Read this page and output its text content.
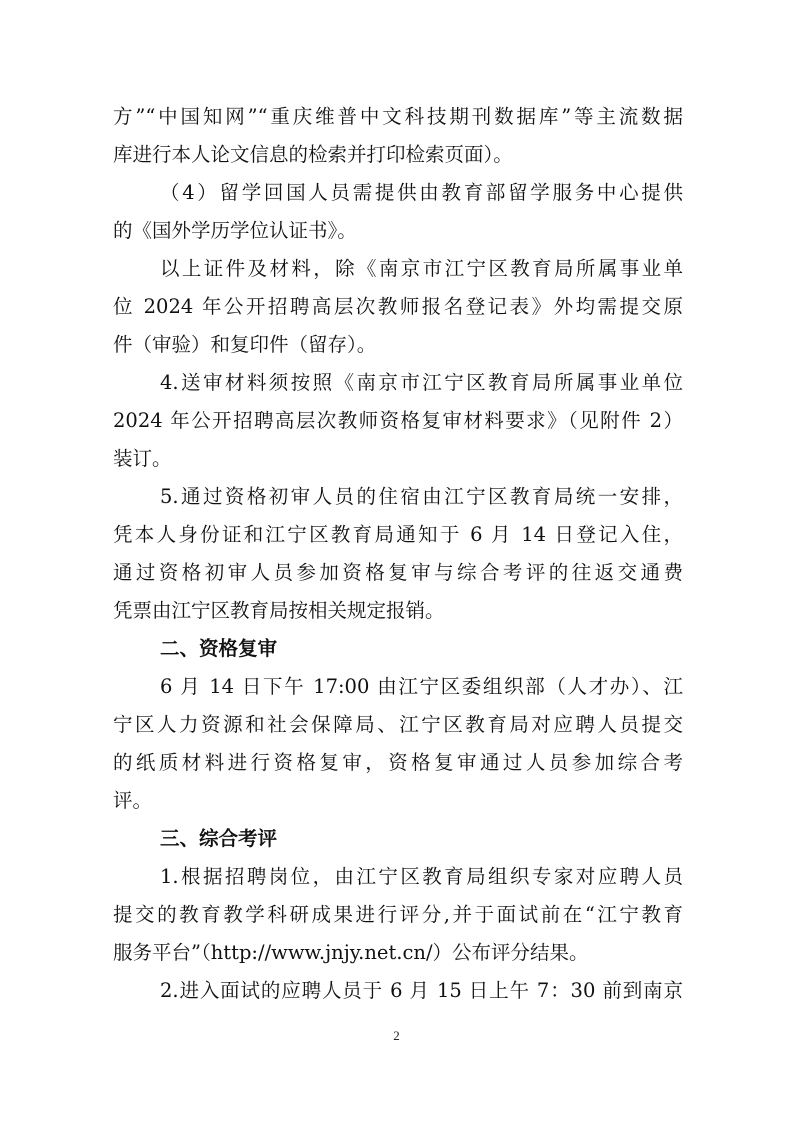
方”“中国知网”“重庆维普中文科技期刊数据库”等主流数据
库进行本人论文信息的检索并打印检索页面）。
（4）留学回国人员需提供由教育部留学服务中心提供
的《国外学历学位认证书》。
以上证件及材料，除《南京市江宁区教育局所属事业单
位 2024 年公开招聘高层次教师报名登记表》外均需提交原
件（审验）和复印件（留存）。
4.送审材料须按照《南京市江宁区教育局所属事业单位
2024 年公开招聘高层次教师资格复审材料要求》（见附件 2）
装订。
5.通过资格初审人员的住宿由江宁区教育局统一安排，
凭本人身份证和江宁区教育局通知于 6 月 14 日登记入住，
通过资格初审人员参加资格复审与综合考评的往返交通费
凭票由江宁区教育局按相关规定报销。
二、资格复审
6 月 14 日下午 17:00 由江宁区委组织部（人才办）、江
宁区人力资源和社会保障局、江宁区教育局对应聘人员提交
的纸质材料进行资格复审，资格复审通过人员参加综合考
评。
三、综合考评
1.根据招聘岗位，由江宁区教育局组织专家对应聘人员
提交的教育教学科研成果进行评分,并于面试前在“江宁教育
服务平台”（http://www.jnjy.net.cn/）公布评分结果。
2.进入面试的应聘人员于 6 月 15 日上午 7：30 前到南京
2
